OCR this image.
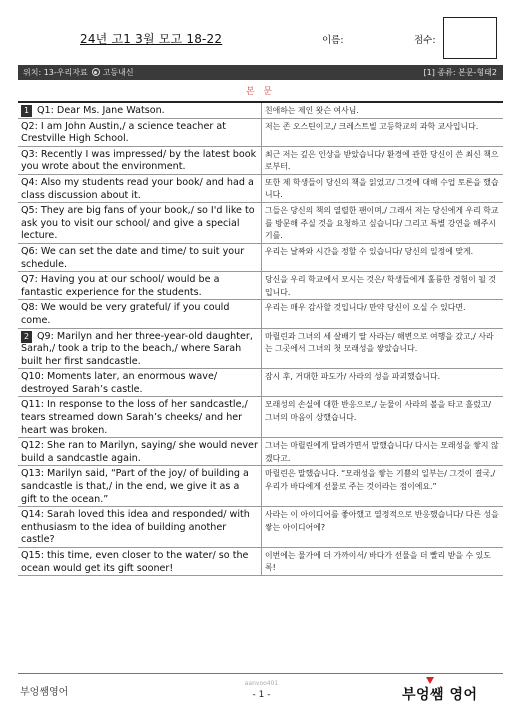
24년 고1 3월 모고 18-22	이름:	점수:
위치: 13-우리자료 고등내신	[1] 종류: 본문-형태2
본 문
1 Q1: Dear Ms. Jane Watson.	친애하는 제인 왓슨 여사님.
Q2: I am John Austin,/ a science teacher at Crestville High School.	저는 존 오스틴이고,/ 크레스트빌 고등학교의 과학 교사입니다.
Q3: Recently I was impressed/ by the latest book you wrote about the environment.	최근 저는 깊은 인상을 받았습니다/ 환경에 관한 당신이 쓴 최신 책으로부터.
Q4: Also my students read your book/ and had a class discussion about it.	또한 제 학생들이 당신의 책을 읽었고/ 그것에 대해 수업 토론을 했습니다.
Q5: They are big fans of your book,/ so I'd like to ask you to visit our school/ and give a special lecture.	그들은 당신의 책의 열렬한 팬이며,/ 그래서 저는 당신에게 우리 학교를 방문해 주실 것을 요청하고 싶습니다/ 그리고 특별 강연을 해주시기를.
Q6: We can set the date and time/ to suit your schedule.	우리는 날짜와 시간을 정할 수 있습니다/ 당신의 일정에 맞게.
Q7: Having you at our school/ would be a fantastic experience for the students.	당신을 우리 학교에서 모시는 것은/ 학생들에게 훌륭한 경험이 될 것입니다.
Q8: We would be very grateful/ if you could come.	우리는 매우 감사할 것입니다/ 만약 당신이 오실 수 있다면.
2 Q9: Marilyn and her three-year-old daughter, Sarah,/ took a trip to the beach,/ where Sarah built her first sandcastle.	마릴린과 그녀의 세 살배기 딸 사라는/ 해변으로 여행을 갔고,/ 사라는 그곳에서 그녀의 첫 모래성을 쌓았습니다.
Q10: Moments later, an enormous wave/ destroyed Sarah’s castle.	잠시 후, 거대한 파도가/ 사라의 성을 파괴했습니다.
Q11: In response to the loss of her sandcastle,/ tears streamed down Sarah’s cheeks/ and her heart was broken.	모래성의 손실에 대한 반응으로,/ 눈물이 사라의 볼을 타고 흘렀고/ 그녀의 마음이 상했습니다.
Q12: She ran to Marilyn, saying/ she would never build a sandcastle again.	그녀는 마릴린에게 달려가면서 말했습니다/ 다시는 모래성을 쌓지 않겠다고.
Q13: Marilyn said, “Part of the joy/ of building a sandcastle is that,/ in the end, we give it as a gift to the ocean.”	마릴린은 말했습니다. “모래성을 쌓는 기쁨의 일부는/ 그것이 결국,/ 우리가 바다에게 선물로 주는 것이라는 점이에요.”
Q14: Sarah loved this idea and responded/ with enthusiasm to the idea of building another castle?	사라는 이 아이디어를 좋아했고 열정적으로 반응했습니다/ 다른 성을 쌓는 아이디어에?
Q15: this time, even closer to the water/ so the ocean would get its gift sooner!	이번에는 물가에 더 가까이서/ 바다가 선물을 더 빨리 받을 수 있도록!
부엉쌤영어
aanvoo401
- 1 -	부엉쌤 영어
